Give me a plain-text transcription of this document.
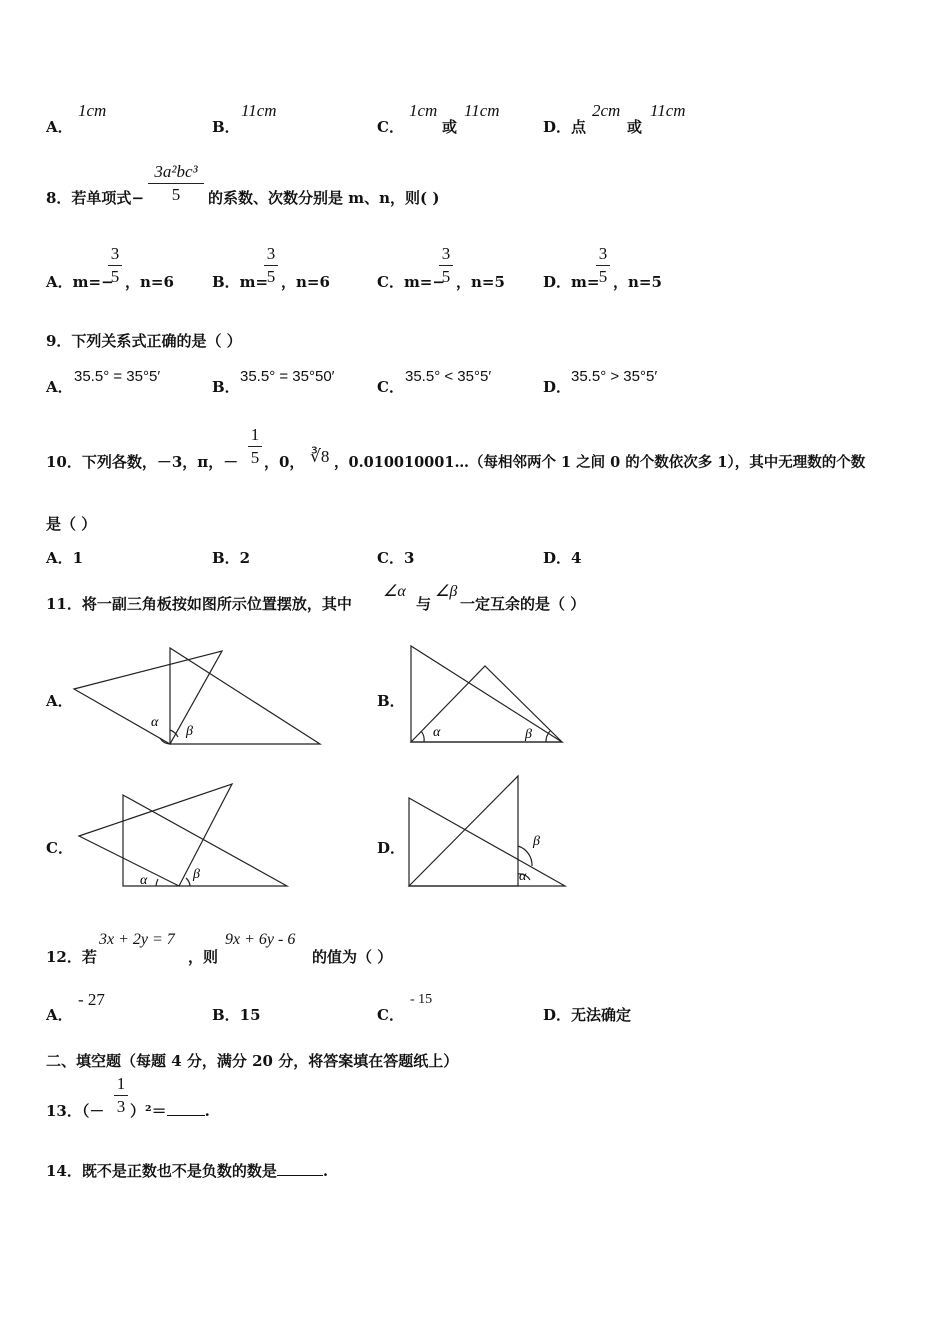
A．
1cm
B．
11cm
C．
1cm
或
11cm
D．点
2cm
或
11cm
8．若单项式−
3a²bc³
5	的系数、次数分别是 m、n，则( )
A．m=−
3
5 ，n=6	B．m=
3
5 ，n=6	C．m=−
3
5 ，n=5	D．m=
3
5 ，n=5
9．下列关系式正确的是（ ）
A．
35.5° = 35°5′
B．
35.5° = 35°50′
C．
35.5° < 35°5′
D．
35.5° > 35°5′
10．下列各数，－3，π，－
1
5 ，0， ∛8 ，0.010010001…（每相邻两个 1 之间 0 的个数依次多 1），其中无理数的个数
是（ ）
A．1	B．2	C．3	D．4
11．将一副三角板按如图所示位置摆放，其中
∠α
与
∠β
一定互余的是（ ）
A．	B．
C．	D．
α
β	α	β
α	β	α
β
12．若
3x + 2y = 7
，则
9x + 6y - 6
的值为（ ）
A．
- 27
B．15	C．
- 15
D．无法确定
二、填空题（每题 4 分，满分 20 分，将答案填在答题纸上）
13．（－
1
3 ）²＝	.
14．既不是正数也不是负数的数是	.
